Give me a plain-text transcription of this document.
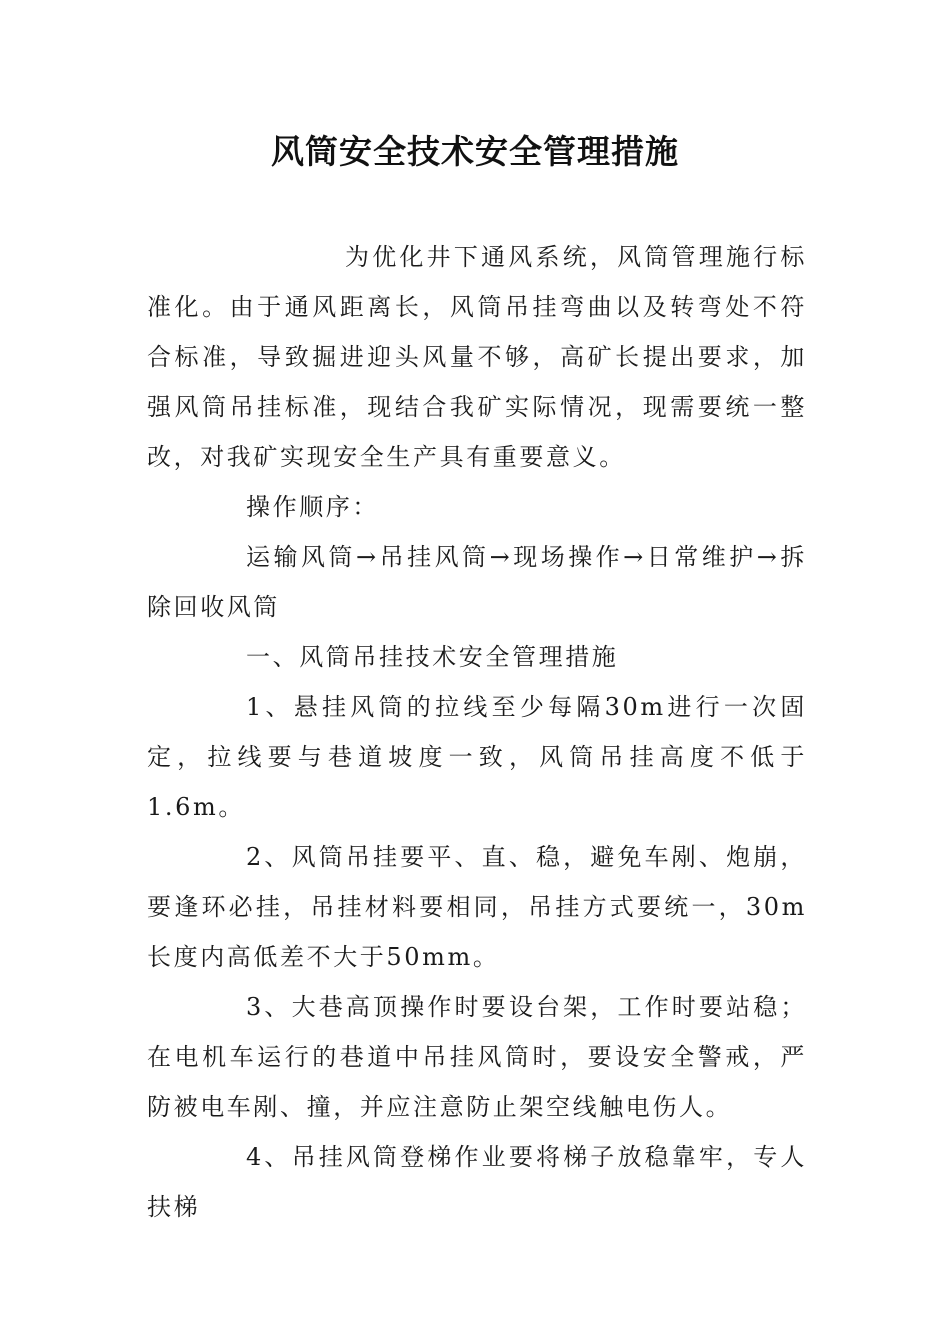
风筒安全技术安全管理措施

为优化井下通风系统，风筒管理施行标准化。由于通风距离长，风筒吊挂弯曲以及转弯处不符合标准，导致掘进迎头风量不够，高矿长提出要求，加强风筒吊挂标准，现结合我矿实际情况，现需要统一整改，对我矿实现安全生产具有重要意义。

操作顺序：

运输风筒→吊挂风筒→现场操作→日常维护→拆除回收风筒

一、风筒吊挂技术安全管理措施

1、悬挂风筒的拉线至少每隔30m进行一次固定，拉线要与巷道坡度一致，风筒吊挂高度不低于1.6m。

2、风筒吊挂要平、直、稳，避免车剐、炮崩，要逢环必挂，吊挂材料要相同，吊挂方式要统一，30m长度内高低差不大于50mm。

3、大巷高顶操作时要设台架，工作时要站稳；在电机车运行的巷道中吊挂风筒时，要设安全警戒，严防被电车剐、撞，并应注意防止架空线触电伤人。

4、吊挂风筒登梯作业要将梯子放稳靠牢，专人扶梯
